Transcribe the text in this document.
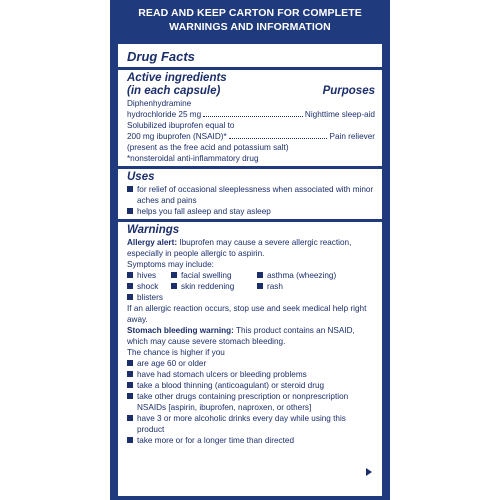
READ AND KEEP CARTON FOR COMPLETE
WARNINGS AND INFORMATION
Drug Facts
Active ingredients
(in each capsule)	Purposes
Diphenhydramine
hydrochloride 25 mg	Nighttime sleep-aid
Solubilized ibuprofen equal to
200 mg ibuprofen (NSAID)*	Pain reliever
(present as the free acid and potassium salt)
*nonsteroidal anti-inflammatory drug
Uses
for relief of occasional sleeplessness when associated with minor aches and pains
helps you fall asleep and stay asleep
Warnings
Allergy alert: Ibuprofen may cause a severe allergic reaction, especially in people allergic to aspirin.
Symptoms may include:
hives	facial swelling	asthma (wheezing)
shock	skin reddening	rash
blisters
If an allergic reaction occurs, stop use and seek medical help right away.
Stomach bleeding warning: This product contains an NSAID, which may cause severe stomach bleeding.
The chance is higher if you
are age 60 or older
have had stomach ulcers or bleeding problems
take a blood thinning (anticoagulant) or steroid drug
take other drugs containing prescription or nonprescription NSAIDs [aspirin, ibuprofen, naproxen, or others]
have 3 or more alcoholic drinks every day while using this product
take more or for a longer time than directed
